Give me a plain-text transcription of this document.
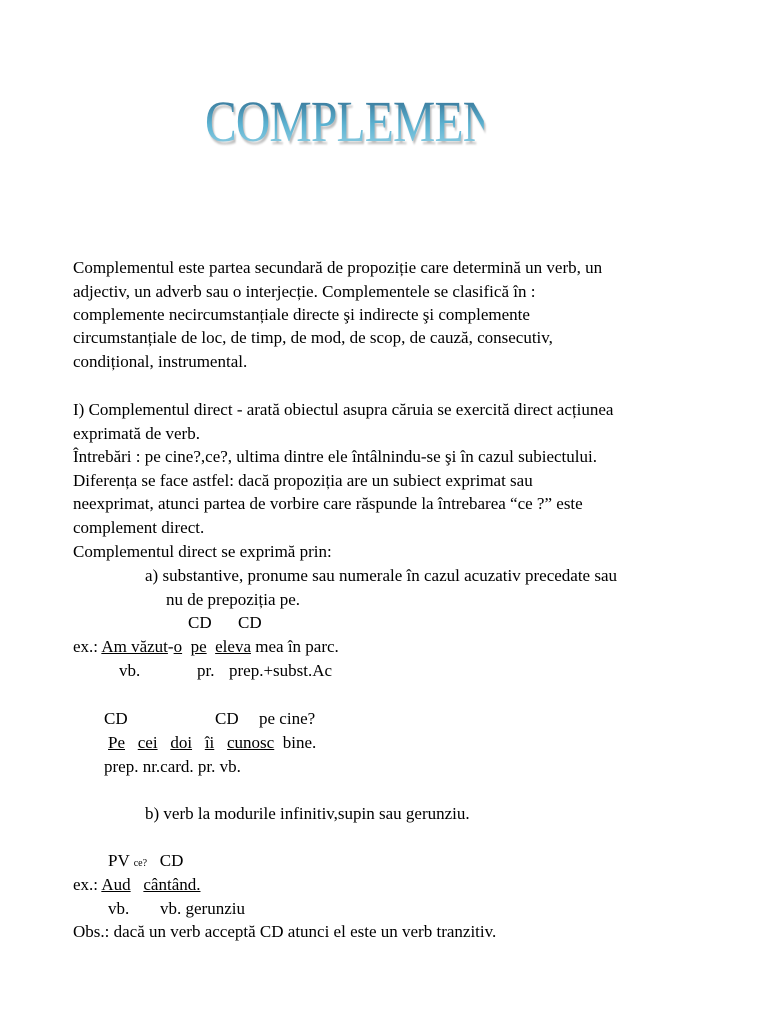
COMPLEMENTUL
Complementul este partea secundară de propoziție care determină un verb, un
adjectiv, un adverb sau o interjecție. Complementele se clasifică în :
complemente necircumstanțiale directe şi indirecte şi complemente
circumstanțiale de loc, de timp, de mod, de scop, de cauză, consecutiv,
condițional, instrumental.
I) Complementul direct - arată obiectul asupra căruia se exercită direct acțiunea
exprimată de verb.
Întrebări : pe cine?,ce?, ultima dintre ele întâlnindu-se şi în cazul subiectului.
Diferența se face astfel: dacă propoziția are un subiect exprimat sau
neexprimat, atunci partea de vorbire care răspunde la întrebarea “ce ?” este
complement direct.
Complementul direct se exprimă prin:
a) substantive, pronume sau numerale în cazul acuzativ precedate sau
nu de prepoziția pe.
CD CD
ex.: Am văzut-o pe eleva mea în parc.
vb.	pr. prep.+subst.Ac
CD	CD pe cine?
Pe cei doi îi cunosc bine.
prep. nr.card. pr. vb.
b) verb la modurile infinitiv,supin sau gerunziu.
PV ce? CD
ex.: Aud cântând.
vb. vb. gerunziu
Obs.: dacă un verb acceptă CD atunci el este un verb tranzitiv.
